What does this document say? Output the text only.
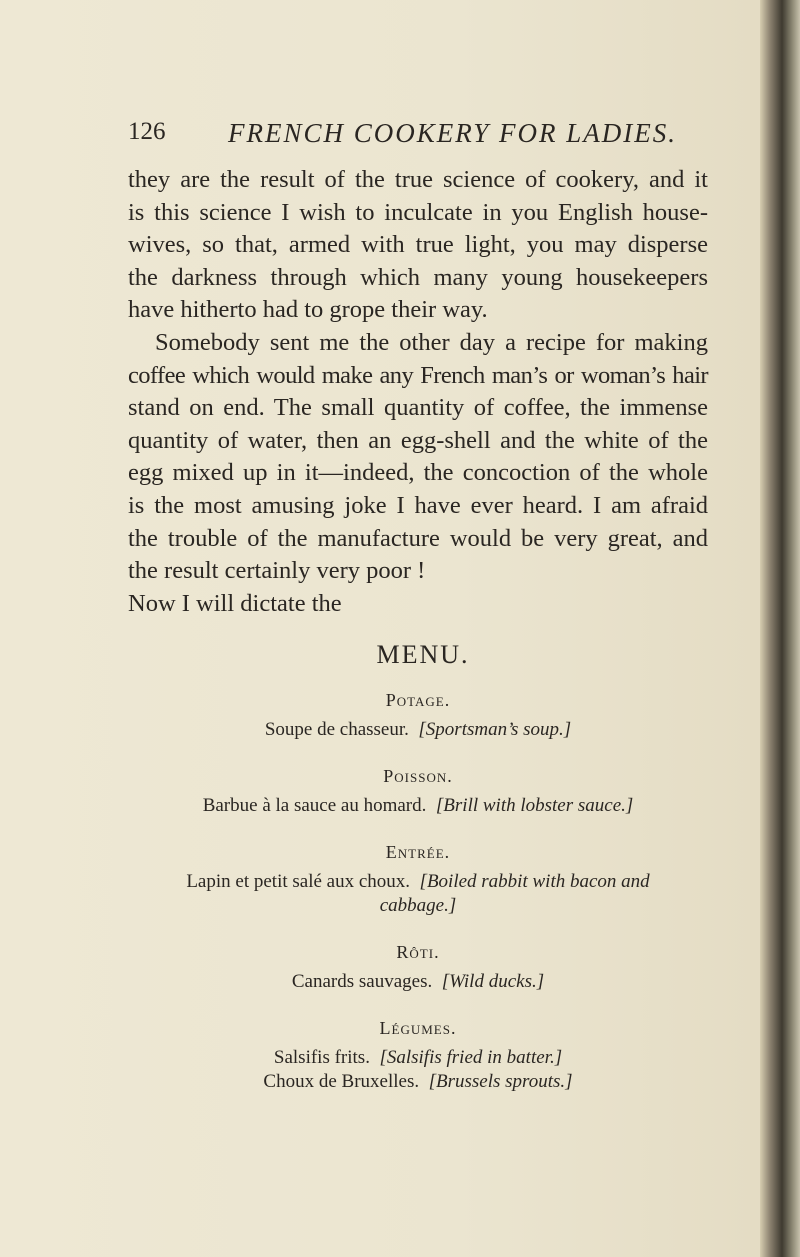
126 FRENCH COOKERY FOR LADIES.
they are the result of the true science of cookery, and it
is this science I wish to inculcate in you English house-
wives, so that, armed with true light, you may disperse
the darkness through which many young housekeepers
have hitherto had to grope their way.
Somebody sent me the other day a recipe for making
coffee which would make any French man’s or woman’s hair
stand on end. The small quantity of coffee, the immense
quantity of water, then an egg-shell and the white of the
egg mixed up in it—indeed, the concoction of the whole
is the most amusing joke I have ever heard. I am afraid
the trouble of the manufacture would be very great, and
the result certainly very poor !
Now I will dictate the
MENU.
Potage.
Soupe de chasseur. [Sportsman’s soup.]
Poisson.
Barbue à la sauce au homard. [Brill with lobster sauce.]
Entrée.
Lapin et petit salé aux choux. [Boiled rabbit with bacon and
cabbage.]
Rôti.
Canards sauvages. [Wild ducks.]
Légumes.
Salsifis frits. [Salsifis fried in batter.]
Choux de Bruxelles. [Brussels sprouts.]
